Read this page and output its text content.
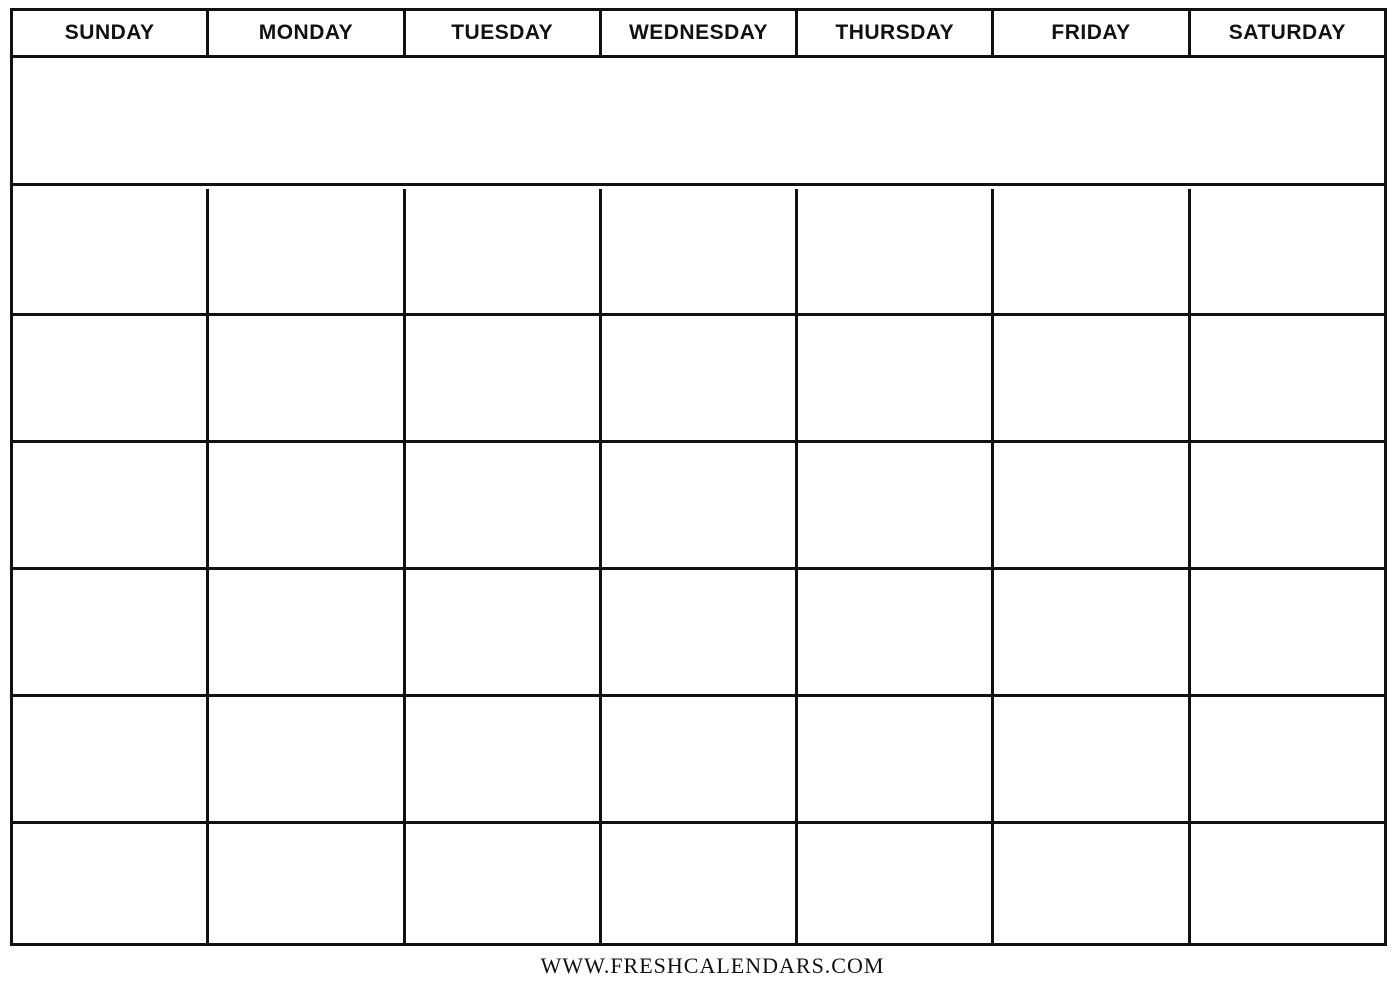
SUNDAY	MONDAY	TUESDAY	WEDNESDAY	THURSDAY	FRIDAY	SATURDAY
WWW.FRESHCALENDARS.COM
